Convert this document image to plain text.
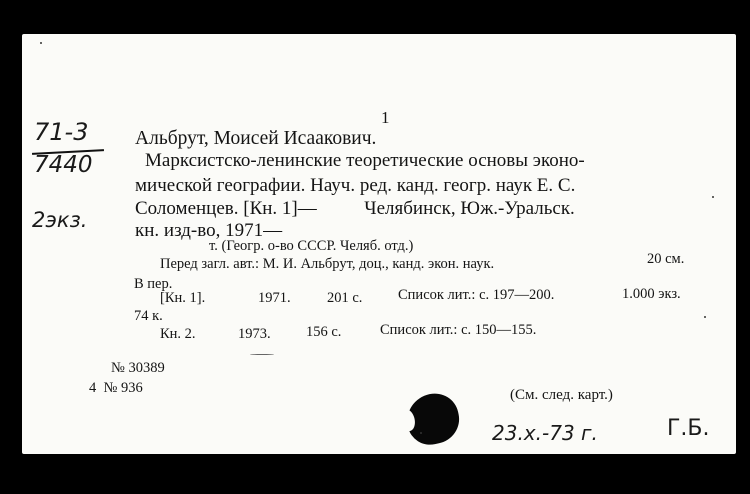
1
71-3
7440
2экз.
Альбрут, Моисей Исаакович.
Марксистско-ленинские теоретические основы эконо-
мической географии. Науч. ред. канд. геогр. наук Е. С.
Соломенцев. [Кн. 1]—          Челябинск, Юж.-Уральск.
кн. изд-во, 1971—
т. (Геогр. о-во СССР. Челяб. отд.)
Перед загл. авт.: М. И. Альбрут, доц., канд. экон. наук.	20 см.
В пер.
[Кн. 1].	1971.	201 с. Список лит.: с. 197—200.	1.000 экз.
74 к.
Кн. 2.	1973. 156 с.	Список лит.: с. 150—155.
№ 30389
4  № 936	(См. след. карт.)
23.х.-73 г.	Г.Б.
